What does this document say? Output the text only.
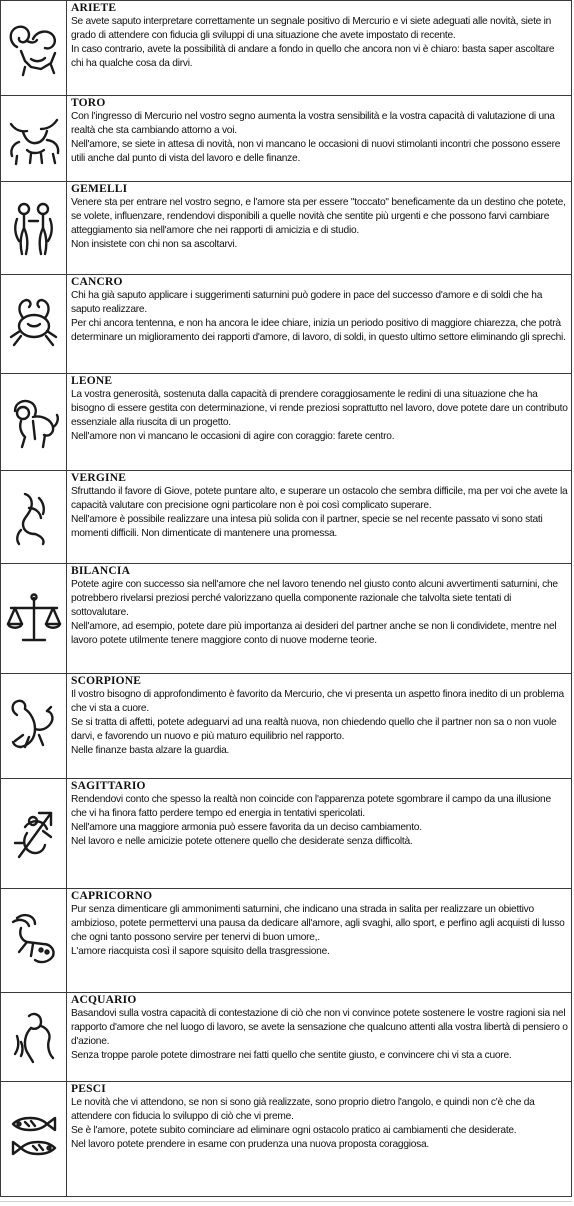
ARIETE

Se avete saputo interpretare correttamente un segnale positivo di Mercurio e vi siete adeguati alle novità, siete in grado di attendere con fiducia gli sviluppi di una situazione che avete impostato di recente.

In caso contrario, avete la possibilità di andare a fondo in quello che ancora non vi è chiaro: basta saper ascoltare chi ha qualche cosa da dirvi.

TORO

Con l'ingresso di Mercurio nel vostro segno aumenta la vostra sensibilità e la vostra capacità di valutazione di una realtà che sta cambiando attorno a voi.

Nell'amore, se siete in attesa di novità, non vi mancano le occasioni di nuovi stimolanti incontri che possono essere utili anche dal punto di vista del lavoro e delle finanze.

GEMELLI

Venere sta per entrare nel vostro segno, e l'amore sta per essere "toccato" beneficamente da un destino che potete, se volete, influenzare, rendendovi disponibili a quelle novità che sentite più urgenti e che possono farvi cambiare atteggiamento sia nell'amore che nei rapporti di amicizia e di studio.

Non insistete con chi non sa ascoltarvi.

CANCRO

Chi ha già saputo applicare i suggerimenti saturnini può godere in pace del successo d'amore e di soldi che ha saputo realizzare.

Per chi ancora tentenna, e non ha ancora le idee chiare, inizia un periodo positivo di maggiore chiarezza, che potrà determinare un miglioramento dei rapporti d'amore, di lavoro, di soldi, in questo ultimo settore eliminando gli sprechi.

LEONE

La vostra generosità, sostenuta dalla capacità di prendere coraggiosamente le redini di una situazione che ha bisogno di essere gestita con determinazione, vi rende preziosi soprattutto nel lavoro, dove potete dare un contributo essenziale alla riuscita di un progetto.

Nell'amore non vi mancano le occasioni di agire con coraggio: farete centro.

VERGINE

Sfruttando il favore di Giove, potete puntare alto, e superare un ostacolo che sembra difficile, ma per voi che avete la capacità valutare con precisione ogni particolare non è poi così complicato superare.

Nell'amore è possibile realizzare una intesa più solida con il partner, specie se nel recente passato vi sono stati momenti difficili. Non dimenticate di mantenere una promessa.

BILANCIA

Potete agire con successo sia nell'amore che nel lavoro tenendo nel giusto conto alcuni avvertimenti saturnini, che potrebbero rivelarsi preziosi perché valorizzano quella componente razionale che talvolta siete tentati di sottovalutare.

Nell'amore, ad esempio, potete dare più importanza ai desideri del partner anche se non li condividete, mentre nel lavoro potete utilmente tenere maggiore conto di nuove moderne teorie.

SCORPIONE

Il vostro bisogno di approfondimento è favorito da Mercurio, che vi presenta un aspetto finora inedito di un problema che vi sta a cuore.

Se si tratta di affetti, potete adeguarvi ad una realtà nuova, non chiedendo quello che il partner non sa o non vuole darvi, e favorendo un nuovo e più maturo equilibrio nel rapporto.

Nelle finanze basta alzare la guardia.

SAGITTARIO

Rendendovi conto che spesso la realtà non coincide con l'apparenza potete sgombrare il campo da una illusione che vi ha finora fatto perdere tempo ed energia in tentativi spericolati.

Nell'amore una maggiore armonia può essere favorita da un deciso cambiamento.

Nel lavoro e nelle amicizie potete ottenere quello che desiderate senza difficoltà.

CAPRICORNO

Pur senza dimenticare gli ammonimenti saturnini, che indicano una strada in salita per realizzare un obiettivo ambizioso, potete permettervi una pausa da dedicare all'amore, agli svaghi, allo sport, e perfino agli acquisti di lusso che ogni tanto possono servire per tenervi di buon umore,.

L'amore riacquista così il sapore squisito della trasgressione.

ACQUARIO

Basandovi sulla vostra capacità di contestazione di ciò che non vi convince potete sostenere le vostre ragioni sia nel rapporto d'amore che nel luogo di lavoro, se avete la sensazione che qualcuno attenti alla vostra libertà di pensiero o d'azione.

Senza troppe parole potete dimostrare nei fatti quello che sentite giusto, e convincere chi vi sta a cuore.

PESCI

Le novità che vi attendono, se non si sono già realizzate, sono proprio dietro l'angolo, e quindi non c'è che da attendere con fiducia lo sviluppo di ciò che vi preme.

Se è l'amore, potete subito cominciare ad eliminare ogni ostacolo pratico ai cambiamenti che desiderate.

Nel lavoro potete prendere in esame con prudenza una nuova proposta coraggiosa.
